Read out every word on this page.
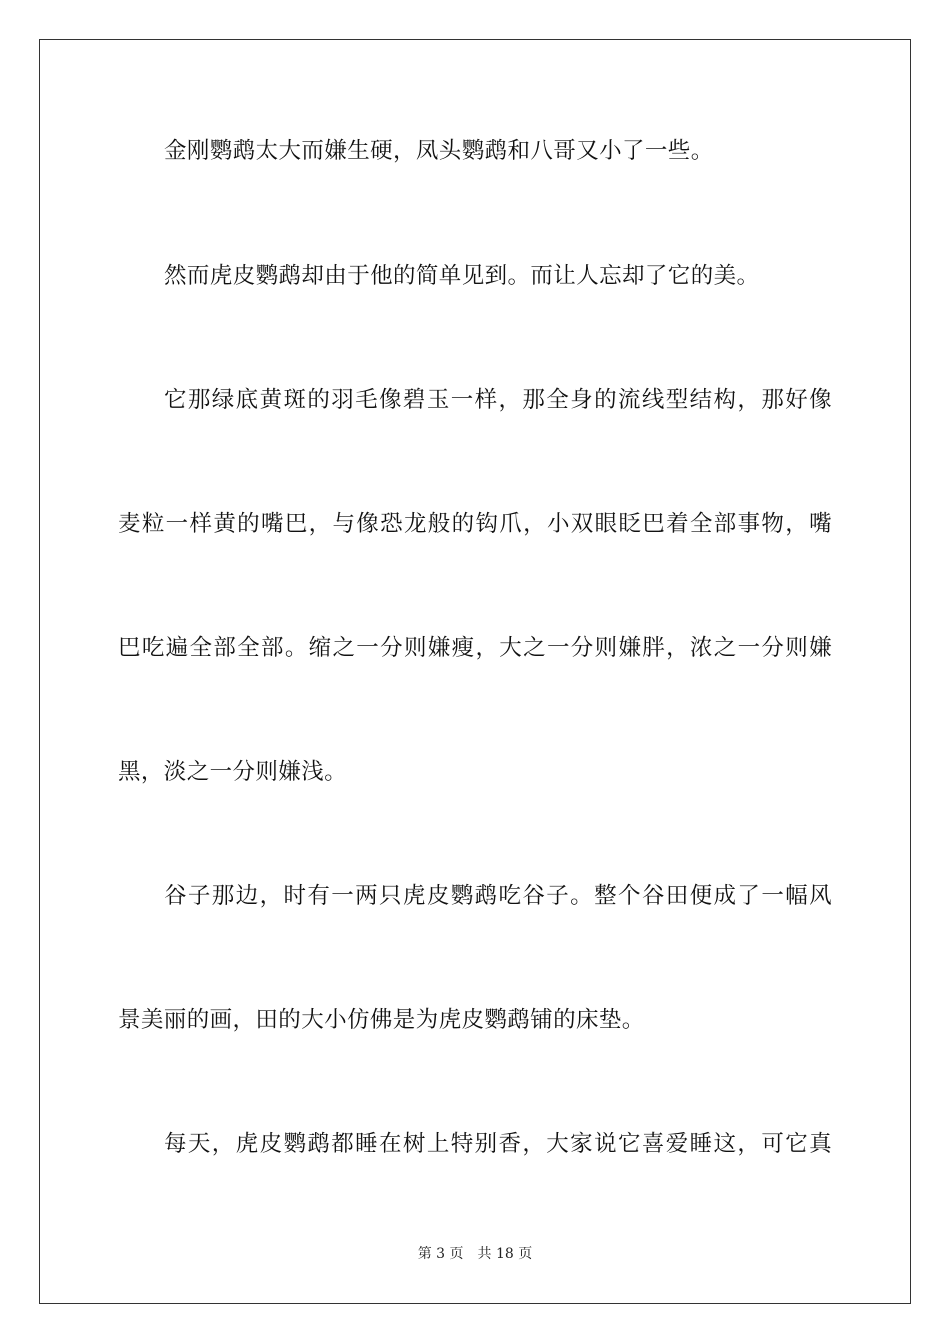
金刚鹦鹉太大而嫌生硬，凤头鹦鹉和八哥又小了一些。
然而虎皮鹦鹉却由于他的简单见到。而让人忘却了它的美。
它那绿底黄斑的羽毛像碧玉一样，那全身的流线型结构，那好像
麦粒一样黄的嘴巴，与像恐龙般的钩爪，小双眼眨巴着全部事物，嘴
巴吃遍全部全部。缩之一分则嫌瘦，大之一分则嫌胖，浓之一分则嫌
黑，淡之一分则嫌浅。
谷子那边，时有一两只虎皮鹦鹉吃谷子。整个谷田便成了一幅风
景美丽的画，田的大小仿佛是为虎皮鹦鹉铺的床垫。
每天，虎皮鹦鹉都睡在树上特别香，大家说它喜爱睡这，可它真
第 3 页　共 18 页
